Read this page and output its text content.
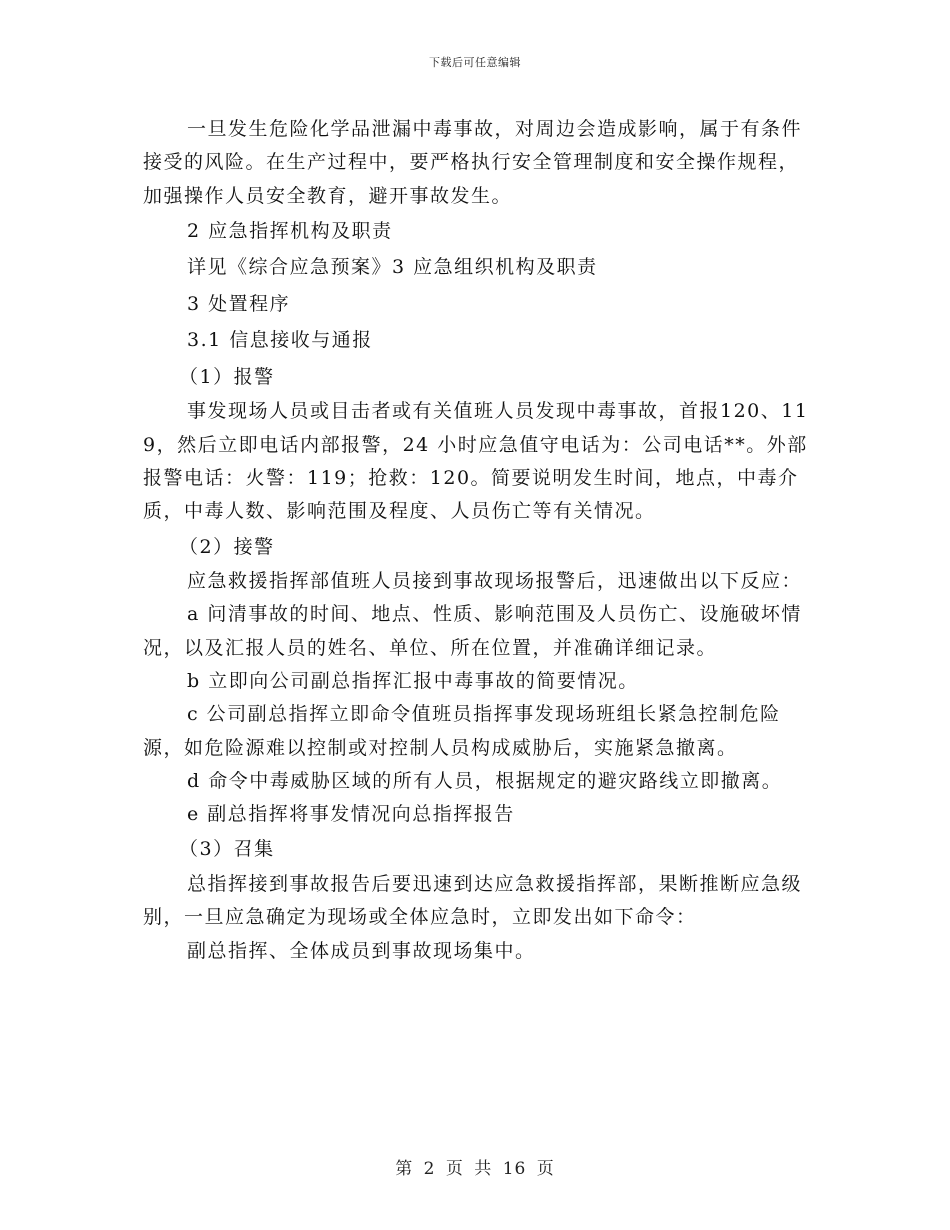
下载后可任意编辑

一旦发生危险化学品泄漏中毒事故，对周边会造成影响，属于有条件接受的风险。在生产过程中，要严格执行安全管理制度和安全操作规程，加强操作人员安全教育，避开事故发生。

2 应急指挥机构及职责

详见《综合应急预案》3 应急组织机构及职责

3 处置程序

3.1 信息接收与通报

（1）报警

事发现场人员或目击者或有关值班人员发现中毒事故，首报120、119，然后立即电话内部报警，24 小时应急值守电话为：公司电话**。外部报警电话：火警：119；抢救：120。简要说明发生时间，地点，中毒介质，中毒人数、影响范围及程度、人员伤亡等有关情况。

（2）接警

应急救援指挥部值班人员接到事故现场报警后，迅速做出以下反应：

a 问清事故的时间、地点、性质、影响范围及人员伤亡、设施破坏情况，以及汇报人员的姓名、单位、所在位置，并准确详细记录。

b 立即向公司副总指挥汇报中毒事故的简要情况。

c 公司副总指挥立即命令值班员指挥事发现场班组长紧急控制危险源，如危险源难以控制或对控制人员构成威胁后，实施紧急撤离。

d 命令中毒威胁区域的所有人员，根据规定的避灾路线立即撤离。

e 副总指挥将事发情况向总指挥报告

（3）召集

总指挥接到事故报告后要迅速到达应急救援指挥部，果断推断应急级别，一旦应急确定为现场或全体应急时，立即发出如下命令：

副总指挥、全体成员到事故现场集中。

第 2 页 共 16 页
